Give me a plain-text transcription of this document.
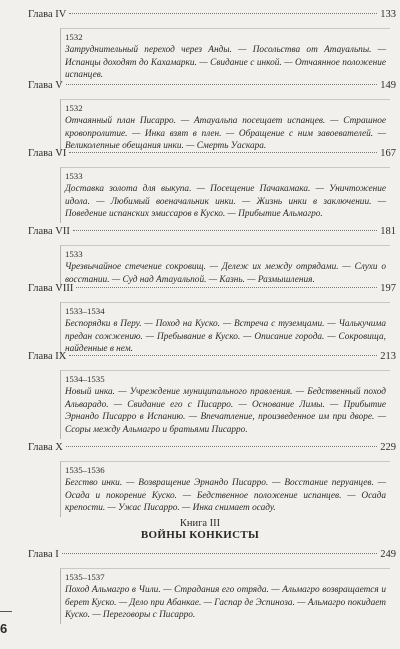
Глава IV	133
1532
Затруднительный переход через Анды. — Посольства от Атауальпы. — Испанцы доходят до Кахамарки. — Свидание с инкой. — Отчаянное положение испанцев.
Глава V	149
1532
Отчаянный план Писарро. — Атауальпа посещает испанцев. — Страшное кровопролитие. — Инка взят в плен. — Обращение с ним завоевателей. — Великолепные обещания инки. — Смерть Уаскара.
Глава VI	167
1533
Доставка золота для выкупа. — Посещение Пачакамака. — Уничтожение идола. — Любимый военачальник инки. — Жизнь инки в заключении. — Поведение испанских эмиссаров в Куско. — Прибытие Альмагро.
Глава VII	181
1533
Чрезвычайное стечение сокровищ. — Дележ их между отрядами. — Слухи о восстании. — Суд над Атауальпой. — Казнь. — Размышления.
Глава VIII	197
1533–1534
Беспорядки в Перу. — Поход на Куско. — Встреча с туземцами. — Чалькучима предан сожжению. — Пребывание в Куско. — Описание города. — Сокровища, найденные в нем.
Глава IX	213
1534–1535
Новый инка. — Учреждение муниципального правления. — Бедственный поход Альварадо. — Свидание его с Писарро. — Основание Лимы. — Прибытие Эрнандо Писарро в Испанию. — Впечатление, произведенное им при дворе. — Ссоры между Альмагро и братьями Писарро.
Глава X	229
1535–1536
Бегство инки. — Возвращение Эрнандо Писарро. — Восстание перуанцев. — Осада и покорение Куско. — Бедственное положение испанцев. — Осада крепости. — Ужас Писарро. — Инка снимает осаду.
Книга III
ВОЙНЫ КОНКИСТЫ
Глава I	249
1535–1537
Поход Альмагро в Чили. — Страдания его отряда. — Альмагро возвращается и берет Куско. — Дело при Абанкае. — Гаспар де Эспиноза. — Альмагро покидает Куско. — Переговоры с Писарро.
6
